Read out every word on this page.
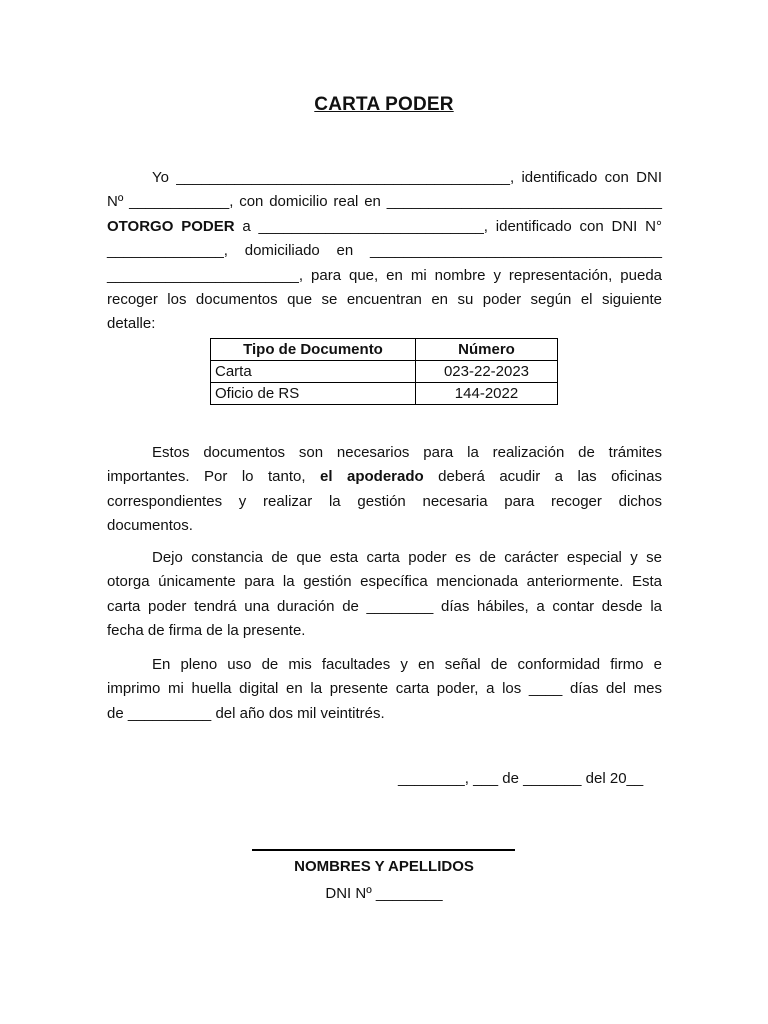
CARTA PODER
Yo ________________________________________, identificado con DNI
Nº ____________, con domicilio real en _________________________________
OTORGO PODER a ___________________________, identificado con DNI N°
______________, domiciliado en ___________________________________
_______________________, para que, en mi nombre y representación, pueda
recoger los documentos que se encuentran en su poder según el siguiente
detalle:
Tipo de Documento	Número
Carta	023-22-2023
Oficio de RS	144-2022
Estos documentos son necesarios para la realización de trámites
importantes. Por lo tanto, el apoderado deberá acudir a las oficinas
correspondientes y realizar la gestión necesaria para recoger dichos
documentos.
Dejo constancia de que esta carta poder es de carácter especial y se
otorga únicamente para la gestión específica mencionada anteriormente. Esta
carta poder tendrá una duración de ________ días hábiles, a contar desde la
fecha de firma de la presente.
En pleno uso de mis facultades y en señal de conformidad firmo e
imprimo mi huella digital en la presente carta poder, a los ____ días del mes
de __________ del año dos mil veintitrés.
________, ___ de _______ del 20__
NOMBRES Y APELLIDOS
DNI Nº ________
